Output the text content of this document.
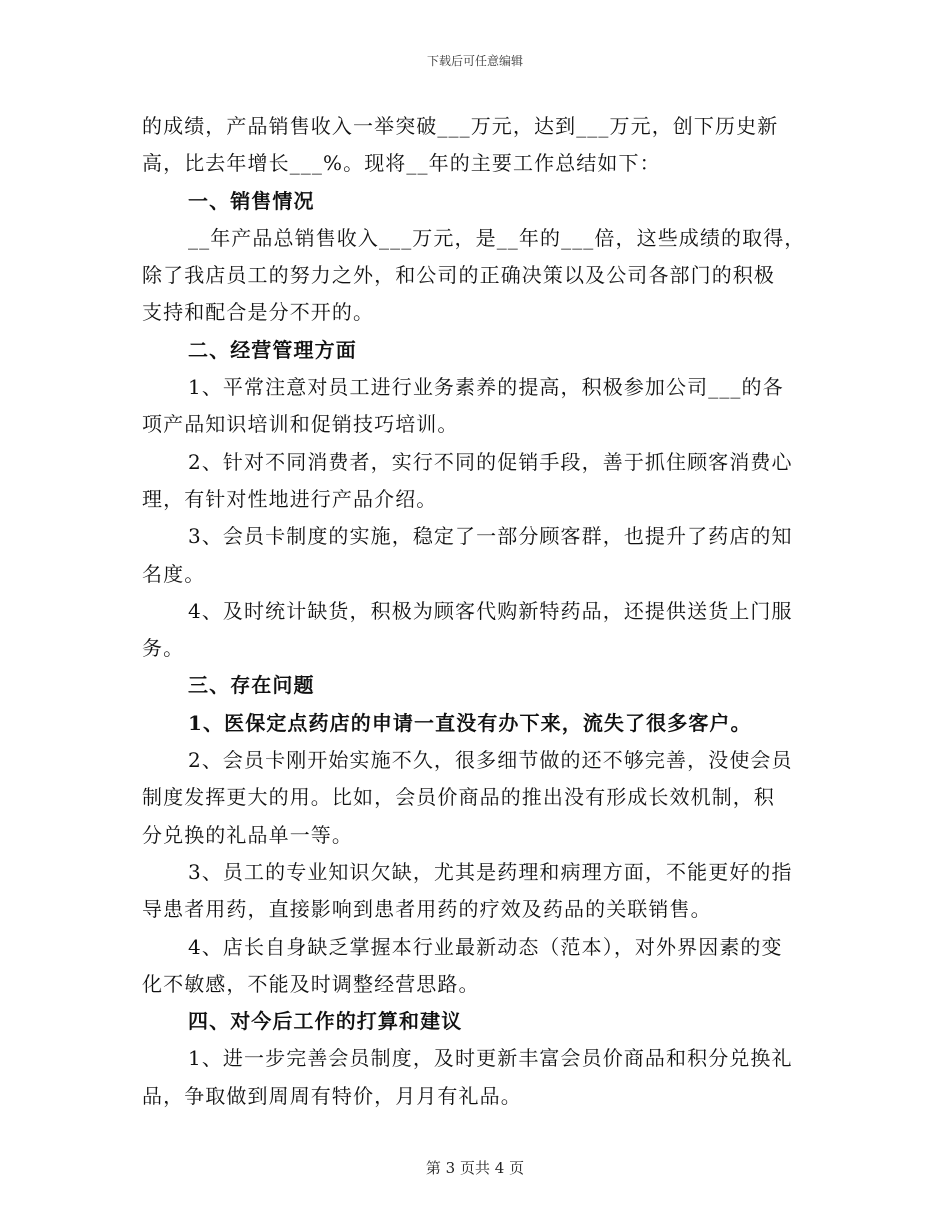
下载后可任意编辑
的成绩，产品销售收入一举突破___万元，达到___万元，创下历史新
高，比去年增长___%。现将__年的主要工作总结如下：
一、销售情况
__年产品总销售收入___万元，是__年的___倍，这些成绩的取得，
除了我店员工的努力之外，和公司的正确决策以及公司各部门的积极
支持和配合是分不开的。
二、经营管理方面
1、平常注意对员工进行业务素养的提高，积极参加公司___的各
项产品知识培训和促销技巧培训。
2、针对不同消费者，实行不同的促销手段，善于抓住顾客消费心
理，有针对性地进行产品介绍。
3、会员卡制度的实施，稳定了一部分顾客群，也提升了药店的知
名度。
4、及时统计缺货，积极为顾客代购新特药品，还提供送货上门服
务。
三、存在问题
1、医保定点药店的申请一直没有办下来，流失了很多客户。
2、会员卡刚开始实施不久，很多细节做的还不够完善，没使会员
制度发挥更大的用。比如，会员价商品的推出没有形成长效机制，积
分兑换的礼品单一等。
3、员工的专业知识欠缺，尤其是药理和病理方面，不能更好的指
导患者用药，直接影响到患者用药的疗效及药品的关联销售。
4、店长自身缺乏掌握本行业最新动态（范本），对外界因素的变
化不敏感，不能及时调整经营思路。
四、对今后工作的打算和建议
1、进一步完善会员制度，及时更新丰富会员价商品和积分兑换礼
品，争取做到周周有特价，月月有礼品。
第 3 页共 4 页
